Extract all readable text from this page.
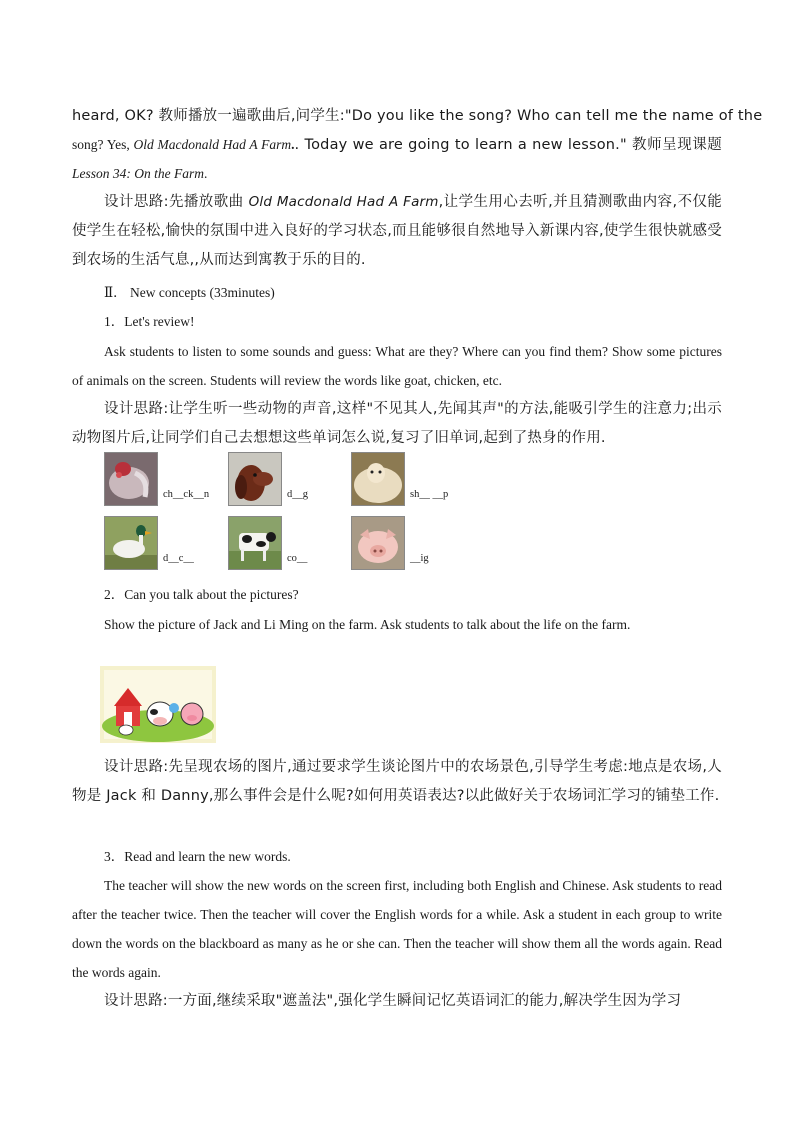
heard, OK? 教师播放一遍歌曲后,问学生:"Do you like the song? Who can tell me the name of the
song? Yes, Old Macdonald Had A Farm.. Today we are going to learn a new lesson." 教师呈现课题
Lesson 34: On the Farm.

设计思路:先播放歌曲 Old Macdonald Had A Farm,让学生用心去听,并且猜测歌曲内容,不仅能使学生在轻松,愉快的氛围中进入良好的学习状态,而且能够很自然地导入新课内容,使学生很快就感受到农场的生活气息,,从而达到寓教于乐的目的.

Ⅱ． New concepts (33minutes)
1．Let's review!

Ask students to listen to some sounds and guess: What are they? Where can you find them? Show some pictures of animals on the screen. Students will review the words like goat, chicken, etc.

设计思路:让学生听一些动物的声音,这样"不见其人,先闻其声"的方法,能吸引学生的注意力;出示动物图片后,让同学们自己去想想这些单词怎么说,复习了旧单词,起到了热身的作用.

ch__ck__n	d__g	sh__ __p
d__c__	co__	__ig
2．Can you talk about the pictures?

Show the picture of Jack and Li Ming on the farm. Ask students to talk about the life on the farm.

设计思路:先呈现农场的图片,通过要求学生谈论图片中的农场景色,引导学生考虑:地点是农场,人物是 Jack 和 Danny,那么事件会是什么呢?如何用英语表达?以此做好关于农场词汇学习的铺垫工作.

3．Read and learn the new words.

The teacher will show the new words on the screen first, including both English and Chinese. Ask students to read after the teacher twice. Then the teacher will cover the English words for a while. Ask a student in each group to write down the words on the blackboard as many as he or she can. Then the teacher will show them all the words again. Read the words again.

设计思路:一方面,继续采取"遮盖法",强化学生瞬间记忆英语词汇的能力,解决学生因为学习
